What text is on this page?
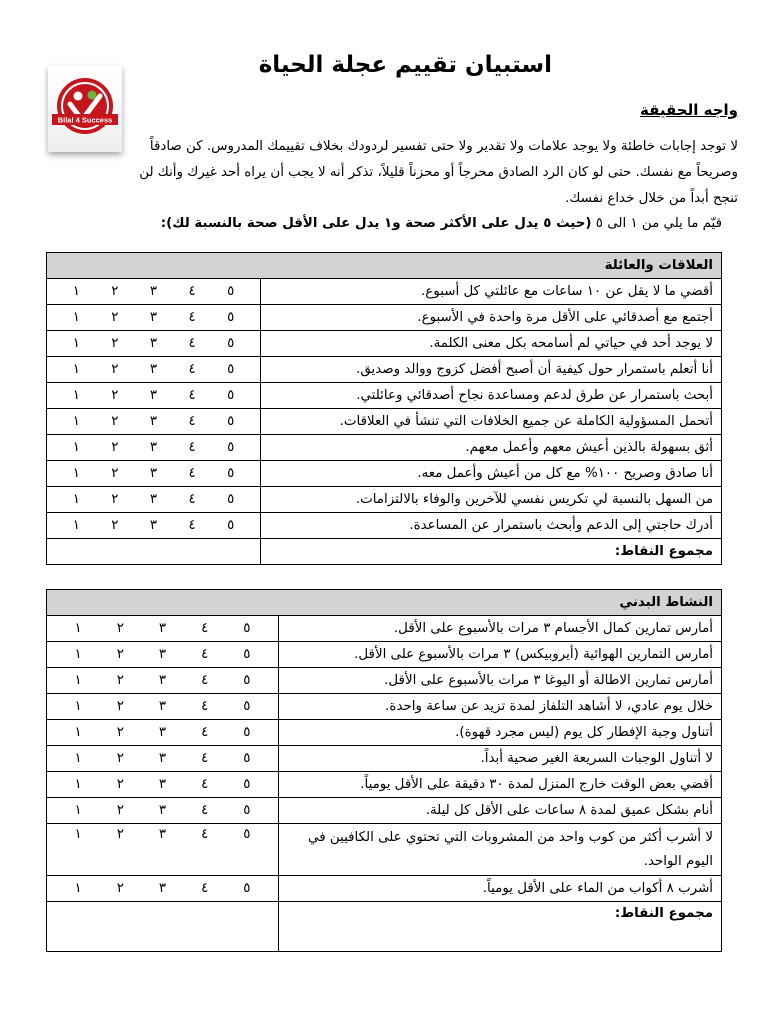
Bilal 4 Success
استبيان تقييم عجلة الحياة
واجه الحقيقة

لا توجد إجابات خاطئة ولا يوجد علامات ولا تقدير ولا حتى تفسير لردودك بخلاف تقييمك المدروس. كن صادقاً وصريحاً مع نفسك. حتى لو كان الرد الصادق محرجاً أو محزناً قليلاً، تذكر أنه لا يجب أن يراه أحد غيرك وأنك لن تنجح أبداً من خلال خداع نفسك.

قيّم ما يلي من ١ الى ٥ (حيث ٥ يدل على الأكثر صحة و١ يدل على الأقل صحة بالنسبة لك):

العلاقات والعائلة	
أقضي ما لا يقل عن ١٠ ساعات مع عائلتي كل أسبوع.	١ ٢ ٣ ٤ ٥

أجتمع مع أصدقائي على الأقل مرة واحدة في الأسبوع.	١ ٢ ٣ ٤ ٥

لا يوجد أحد في حياتي لم أسامحه بكل معنى الكلمة.	١ ٢ ٣ ٤ ٥

أنا أتعلم باستمرار حول كيفية أن أصبح أفضل كزوج ووالد وصديق.	١ ٢ ٣ ٤ ٥

أبحث باستمرار عن طرق لدعم ومساعدة نجاح أصدقائي وعائلتي.	١ ٢ ٣ ٤ ٥

أتحمل المسؤولية الكاملة عن جميع الخلافات التي تنشأ في العلاقات.	١ ٢ ٣ ٤ ٥

أثق بسهولة بالذين أعيش معهم وأعمل معهم.	١ ٢ ٣ ٤ ٥

أنا صادق وصريح ١٠٠% مع كل من أعيش وأعمل معه.	١ ٢ ٣ ٤ ٥

من السهل بالنسبة لي تكريس نفسي للآخرين والوفاء بالالتزامات.	١ ٢ ٣ ٤ ٥

أدرك حاجتي إلى الدعم وأبحث باستمرار عن المساعدة.	١ ٢ ٣ ٤ ٥

مجموع النقاط:	
النشاط البدني	
أمارس تمارين كمال الأجسام ٣ مرات بالأسبوع على الأقل.	١ ٢ ٣ ٤ ٥

أمارس التمارين الهوائية (أيروبيكس) ٣ مرات بالأسبوع على الأقل.	١ ٢ ٣ ٤ ٥

أمارس تمارين الاطالة أو اليوغا ٣ مرات بالأسبوع على الأقل.	١ ٢ ٣ ٤ ٥

خلال يوم عادي، لا أشاهد التلفاز لمدة تزيد عن ساعة واحدة.	١ ٢ ٣ ٤ ٥

أتناول وجبة الإفطار كل يوم (ليس مجرد قهوة).	١ ٢ ٣ ٤ ٥

لا أتناول الوجبات السريعة الغير صحية أبداً.	١ ٢ ٣ ٤ ٥

أقضي بعض الوقت خارج المنزل لمدة ٣٠ دقيقة على الأقل يومياً.	١ ٢ ٣ ٤ ٥

أنام بشكل عميق لمدة ٨ ساعات على الأقل كل ليلة.	١ ٢ ٣ ٤ ٥

لا أشرب أكثر من كوب واحد من المشروبات التي تحتوي على الكافيين في اليوم الواحد.	١ ٢ ٣ ٤ ٥

أشرب ٨ أكواب من الماء على الأقل يومياً.	١ ٢ ٣ ٤ ٥

مجموع النقاط:	
